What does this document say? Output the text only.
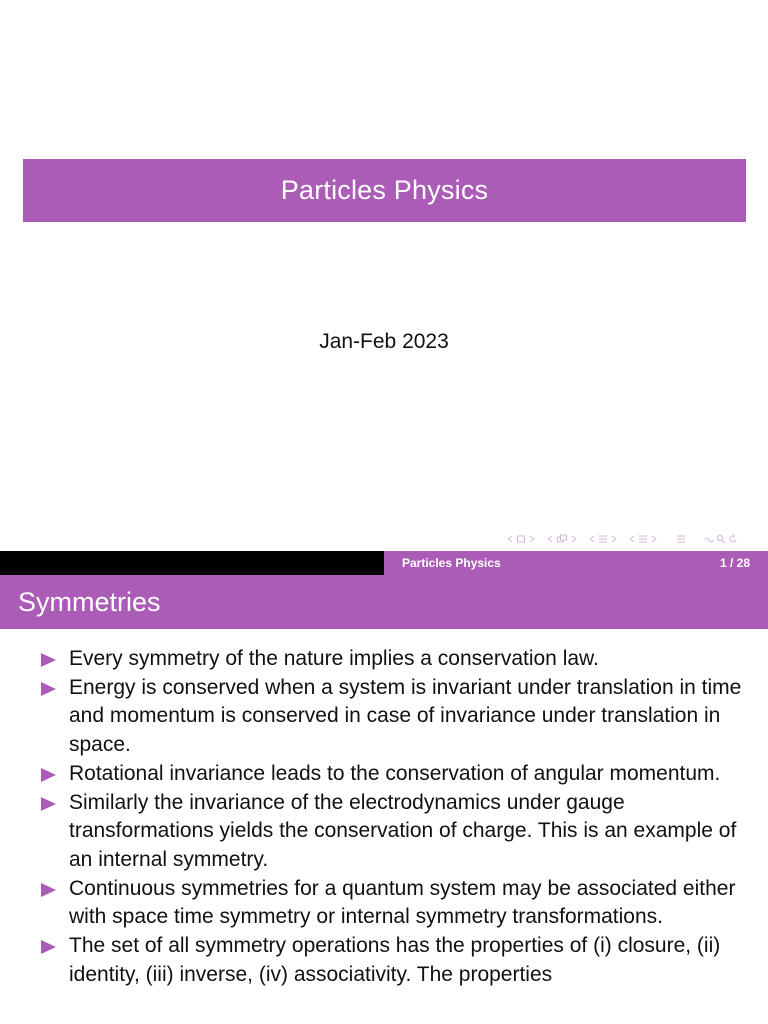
Particles Physics
Jan-Feb 2023
Particles Physics	1 / 28
Symmetries
Every symmetry of the nature implies a conservation law.
Energy is conserved when a system is invariant under translation in time and momentum is conserved in case of invariance under translation in space.
Rotational invariance leads to the conservation of angular momentum.
Similarly the invariance of the electrodynamics under gauge transformations yields the conservation of charge. This is an example of an internal symmetry.
Continuous symmetries for a quantum system may be associated either with space time symmetry or internal symmetry transformations.
The set of all symmetry operations has the properties of (i) closure, (ii) identity, (iii) inverse, (iv) associativity. The properties
